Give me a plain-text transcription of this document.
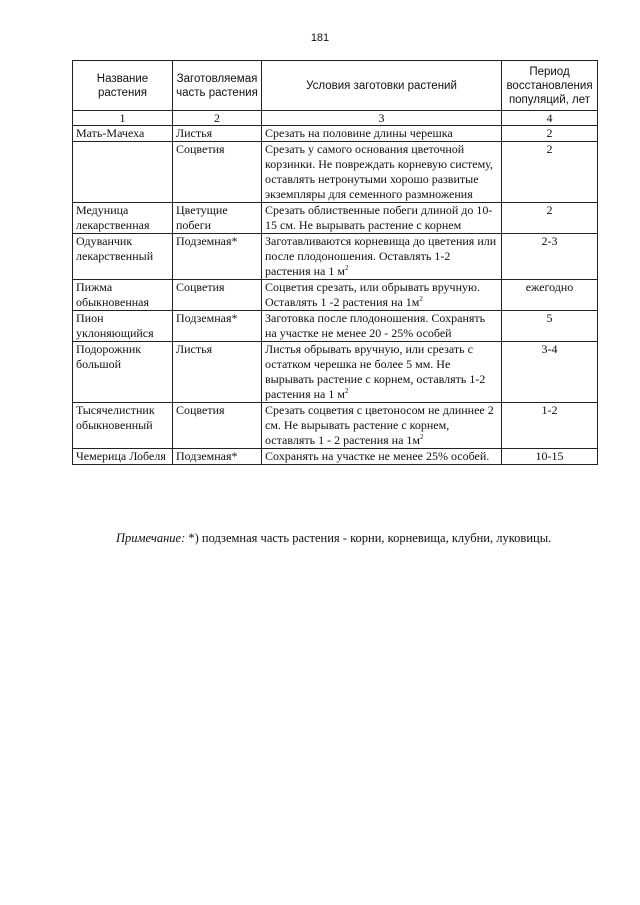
181
Название растения	Заготовляемая часть растения	Условия заготовки растений	Период восстановления популяций, лет
1	2	3	4
Мать-Мачеха	Листья	Срезать на половине длины черешка	2
	Соцветия	Срезать у самого основания цветочной корзинки. Не повреждать корневую систему, оставлять нетронутыми хорошо развитые экземпляры для семенного размножения	2
Медуница лекарственная	Цветущие побеги	Срезать облиственные побеги длиной до 10-15 см. Не вырывать растение с корнем	2
Одуванчик лекарственный	Подземная*	Заготавливаются корневища до цветения или после плодоношения. Оставлять 1-2 растения на 1 $м^2$	2-3
Пижма обыкновенная	Соцветия	Соцветия срезать, или обрывать вручную. Оставлять 1 -2 растения на $1м^2$	ежегодно
Пион уклоняющийся	Подземная*	Заготовка после плодоношения. Сохранять на участке не менее 20 - 25% особей	5
Подорожник большой	Листья	Листья обрывать вручную, или срезать с остатком черешка не более 5 мм. Не вырывать растение с корнем, оставлять 1-2 растения на 1 $м^2$	3-4
Тысячелистник обыкновенный	Соцветия	Срезать соцветия с цветоносом не длиннее 2 см. Не вырывать растение с корнем, оставлять 1 - 2 растения на $1м^2$	1-2
Чемерица Лобеля	Подземная*	Сохранять на участке не менее 25% особей.	10-15
Примечание: *) подземная часть растения - корни, корневища, клубни, луковицы.
